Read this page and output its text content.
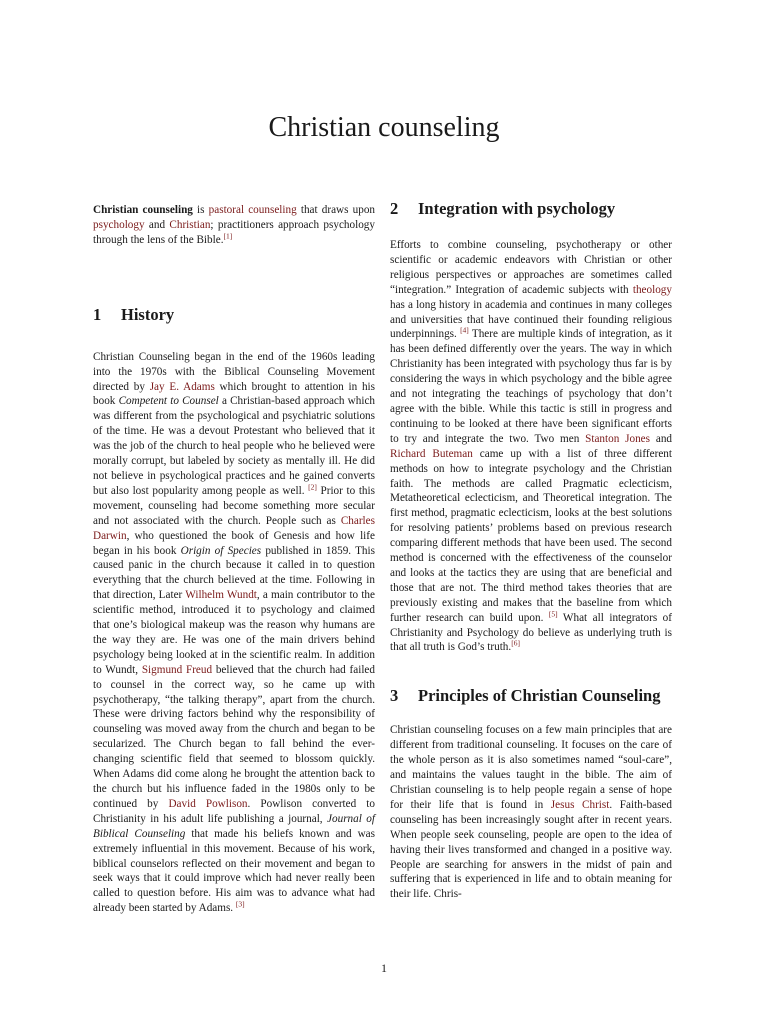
Christian counseling

Christian counseling is pastoral counseling that draws upon psychology and Christian; practitioners approach psychology through the lens of the Bible.[1]

1	History

Christian Counseling began in the end of the 1960s leading into the 1970s with the Biblical Counseling Movement directed by Jay E. Adams which brought to attention in his book Competent to Counsel a Christian-based approach which was different from the psychological and psychiatric solutions of the time. He was a devout Protestant who believed that it was the job of the church to heal people who he believed were morally corrupt, but labeled by society as mentally ill. He did not believe in psychological practices and he gained converts but also lost popularity among people as well. [2] Prior to this movement, counseling had become something more secular and not associated with the church. People such as Charles Darwin, who questioned the book of Genesis and how life began in his book Origin of Species published in 1859. This caused panic in the church because it called in to question everything that the church believed at the time. Following in that direction, Later Wilhelm Wundt, a main contributor to the scientific method, introduced it to psychology and claimed that one’s biological makeup was the reason why humans are the way they are. He was one of the main drivers behind psychology being looked at in the scientific realm. In addition to Wundt, Sigmund Freud believed that the church had failed to counsel in the correct way, so he came up with psychotherapy, “the talking therapy”, apart from the church. These were driving factors behind why the responsibility of counseling was moved away from the church and began to be secularized. The Church began to fall behind the ever-changing scientific field that seemed to blossom quickly. When Adams did come along he brought the attention back to the church but his influence faded in the 1980s only to be continued by David Powlison. Powlison converted to Christianity in his adult life publishing a journal, Journal of Biblical Counseling that made his beliefs known and was extremely influential in this movement. Because of his work, biblical counselors reflected on their movement and began to seek ways that it could improve which had never really been called to question before. His aim was to advance what had already been started by Adams. [3]

2	Integration with psychology

Efforts to combine counseling, psychotherapy or other scientific or academic endeavors with Christian or other religious perspectives or approaches are sometimes called “integration.” Integration of academic subjects with theology has a long history in academia and continues in many colleges and universities that have continued their founding religious underpinnings. [4] There are multiple kinds of integration, as it has been defined differently over the years. The way in which Christianity has been integrated with psychology thus far is by considering the ways in which psychology and the bible agree and not integrating the teachings of psychology that don’t agree with the bible. While this tactic is still in progress and continuing to be looked at there have been significant efforts to try and integrate the two. Two men Stanton Jones and Richard Buteman came up with a list of three different methods on how to integrate psychology and the Christian faith. The methods are called Pragmatic eclecticism, Metatheoretical eclecticism, and Theoretical integration. The first method, pragmatic eclecticism, looks at the best solutions for resolving patients’ problems based on previous research comparing different methods that have been used. The second method is concerned with the effectiveness of the counselor and looks at the tactics they are using that are beneficial and those that are not. The third method takes theories that are previously existing and makes that the baseline from which further research can build upon. [5] What all integrators of Christianity and Psychology do believe as underlying truth is that all truth is God’s truth.[6]

3	Principles of Christian Counseling

Christian counseling focuses on a few main principles that are different from traditional counseling. It focuses on the care of the whole person as it is also sometimes named “soul-care”, and maintains the values taught in the bible. The aim of Christian counseling is to help people regain a sense of hope for their life that is found in Jesus Christ. Faith-based counseling has been increasingly sought after in recent years. When people seek counseling, people are open to the idea of having their lives transformed and changed in a positive way. People are searching for answers in the midst of pain and suffering that is experienced in life and to obtain meaning for their life. Chris-

1
